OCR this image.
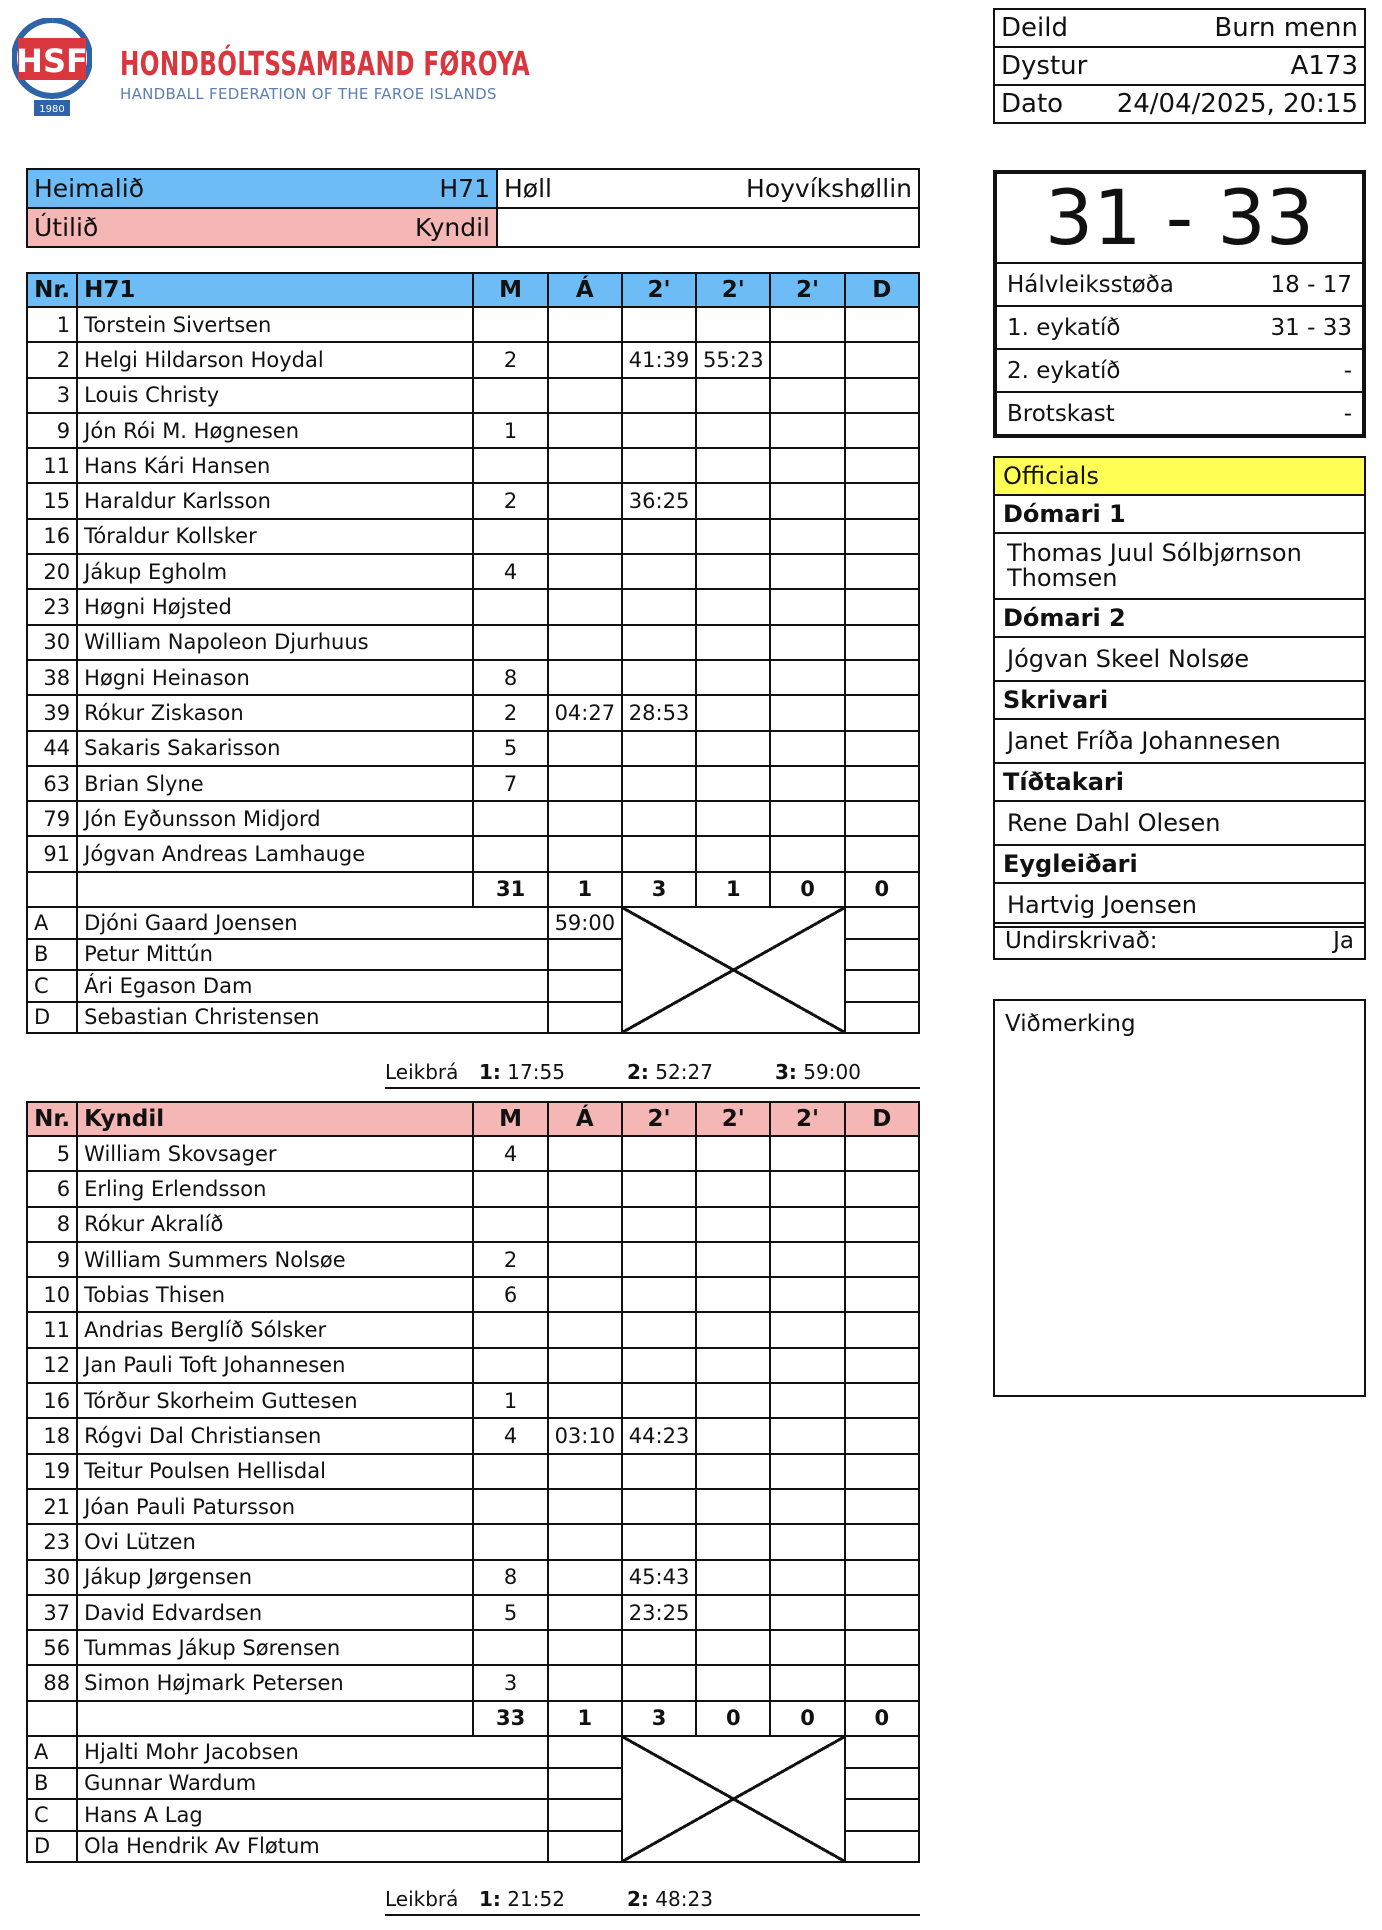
HSF
1980
HONDBÓLTSSAMBAND FØROYA
HANDBALL FEDERATION OF THE FAROE ISLANDS
Deild	Burn menn
Dystur	A173
Dato	24/04/2025, 20:15
Heimalið	H71	Høll	Hoyvíkshøllin
Útilið	Kyndil		
Nr.	H71	M	Á	2'	2'	2'	D
1	Torstein Sivertsen						
2	Helgi Hildarson Hoydal	2		41:39	55:23		
3	Louis Christy						
9	Jón Rói M. Høgnesen	1					
11	Hans Kári Hansen						
15	Haraldur Karlsson	2		36:25			
16	Tóraldur Kollsker						
20	Jákup Egholm	4					
23	Høgni Højsted						
30	William Napoleon Djurhuus						
38	Høgni Heinason	8					
39	Rókur Ziskason	2	04:27	28:53			
44	Sakaris Sakarisson	5					
63	Brian Slyne	7					
79	Jón Eyðunsson Midjord						
91	Jógvan Andreas Lamhauge						
		31	1	3	1	0	0
A	Djóni Gaard Joensen		59:00				
B	Petur Mittún						
C	Ári Egason Dam						
D	Sebastian Christensen						
Leikbrá 1: 17:55	2: 52:27	3: 59:00
Nr.	Kyndil	M	Á	2'	2'	2'	D
5	William Skovsager	4					
6	Erling Erlendsson						
8	Rókur Akralíð						
9	William Summers Nolsøe	2					
10	Tobias Thisen	6					
11	Andrias Berglíð Sólsker						
12	Jan Pauli Toft Johannesen						
16	Tórður Skorheim Guttesen	1					
18	Rógvi Dal Christiansen	4	03:10	44:23			
19	Teitur Poulsen Hellisdal						
21	Jóan Pauli Patursson						
23	Ovi Lützen						
30	Jákup Jørgensen	8		45:43			
37	David Edvardsen	5		23:25			
56	Tummas Jákup Sørensen						
88	Simon Højmark Petersen	3					
		33	1	3	0	0	0
A	Hjalti Mohr Jacobsen						
B	Gunnar Wardum						
C	Hans A Lag						
D	Ola Hendrik Av Fløtum						
Leikbrá 1: 21:52	2: 48:23
31 - 33
Hálvleiksstøða	18 - 17
1. eykatíð	31 - 33
2. eykatíð	-
Brotskast	-
Officials
Dómari 1
Thomas Juul Sólbjørnson Thomsen
Dómari 2
Jógvan Skeel Nolsøe
Skrivari
Janet Fríða Johannesen
Tíðtakari
Rene Dahl Olesen
Eygleiðari
Hartvig Joensen
Undirskrivað:	Ja
Viðmerking
